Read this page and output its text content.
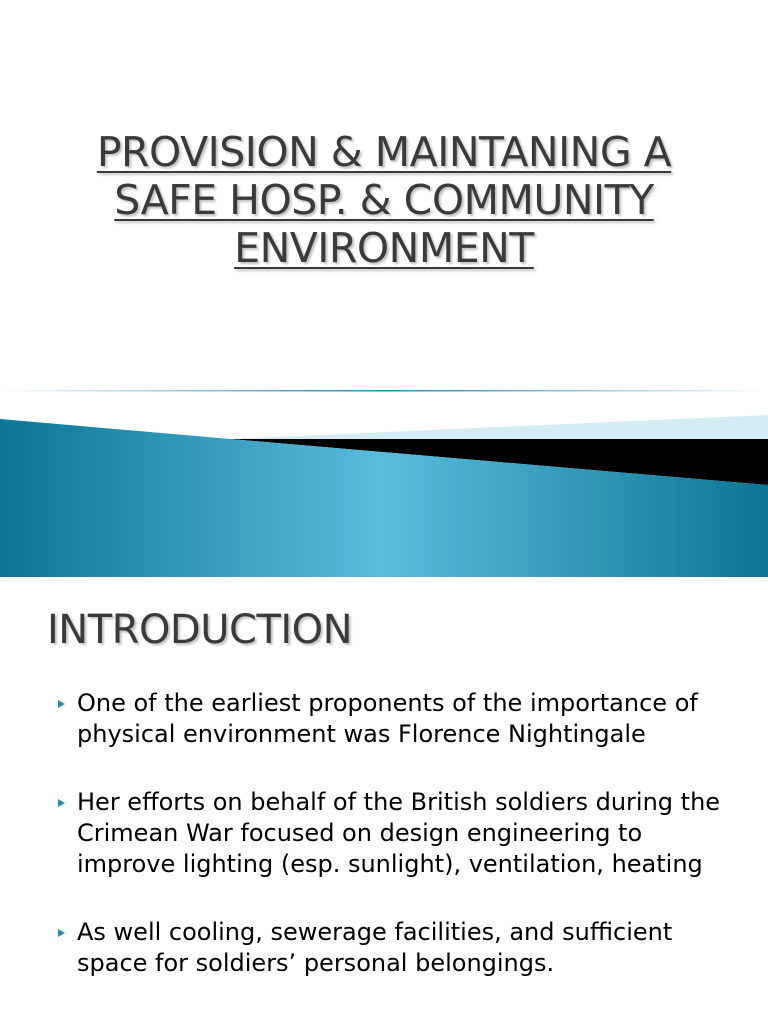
PROVISION & MAINTANING A
SAFE HOSP. & COMMUNITY
ENVIRONMENT
INTRODUCTION
One of the earliest proponents of the importance of physical environment was Florence Nightingale
Her efforts on behalf of the British soldiers during the Crimean War focused on design engineering to improve lighting (esp. sunlight), ventilation, heating
As well cooling, sewerage facilities, and sufficient space for soldiers’ personal belongings.
